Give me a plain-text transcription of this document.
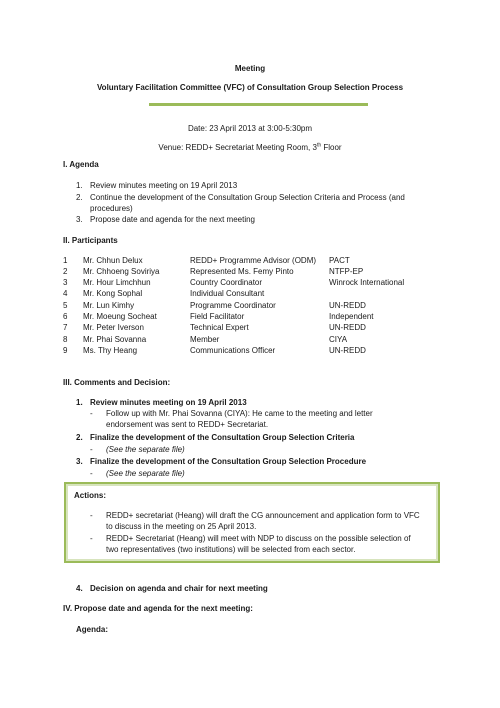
Meeting
Voluntary Facilitation Committee (VFC) of Consultation Group Selection Process
Date: 23 April 2013 at 3:00-5:30pm
Venue: REDD+ Secretariat Meeting Room, 3th Floor
I. Agenda
1. Review minutes meeting on 19 April 2013
2. Continue the development of the Consultation Group Selection Criteria and Process (and
procedures)
3. Propose date and agenda for the next meeting
II. Participants
1 Mr. Chhun Delux	REDD+ Programme Advisor (ODM) PACT
2 Mr. Chhoeng Soviriya	Represented Ms. Femy Pinto	NTFP-EP
3 Mr. Hour Limchhun	Country Coordinator	Winrock International
4 Mr. Kong Sophal	Individual Consultant
5 Mr. Lun Kimhy	Programme Coordinator	UN-REDD
6 Mr. Moeung Socheat	Field Facilitator	Independent
7 Mr. Peter Iverson	Technical Expert	UN-REDD
8 Mr. Phai Sovanna	Member	CIYA
9 Ms. Thy Heang	Communications Officer	UN-REDD
III. Comments and Decision:
1. Review minutes meeting on 19 April 2013
- Follow up with Mr. Phai Sovanna (CIYA): He came to the meeting and letter
endorsement was sent to REDD+ Secretariat.
2. Finalize the development of the Consultation Group Selection Criteria
- (See the separate file)
3. Finalize the development of the Consultation Group Selection Procedure
- (See the separate file)
Actions:
- REDD+ secretariat (Heang) will draft the CG announcement and application form to VFC
to discuss in the meeting on 25 April 2013.
- REDD+ Secretariat (Heang) will meet with NDP to discuss on the possible selection of
two representatives (two institutions) will be selected from each sector.
4. Decision on agenda and chair for next meeting
IV. Propose date and agenda for the next meeting:
Agenda:
